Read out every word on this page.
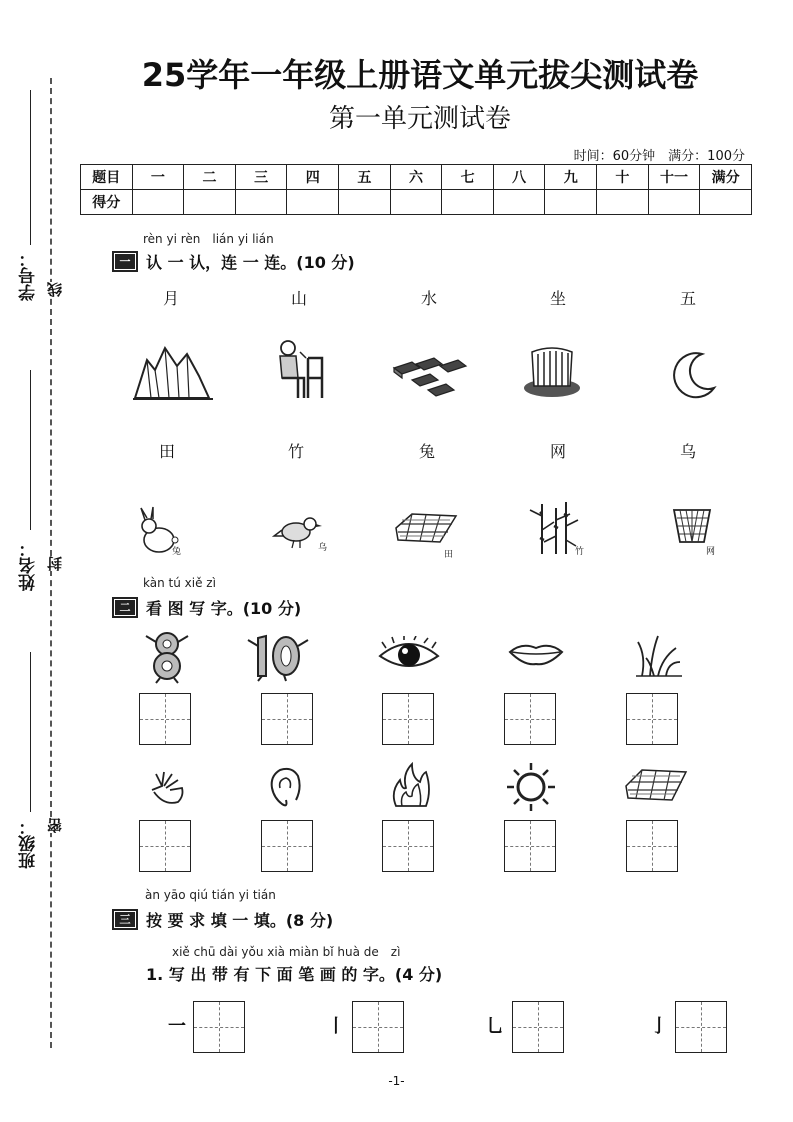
学号： 线
姓名： 封
班级： 密
25学年一年级上册语文单元拔尖测试卷
第一单元测试卷
时间：60分钟　满分：100分
题目	一	二	三	四	五	六	七	八	九	十	十一	满分
得分												
rèn yi rèn　lián yi lián
一 认 一 认，连 一 连。(10 分)
月	山	水	坐	五
田	竹	兔	网	乌
兔	乌
田	竹	网
kàn tú xiě zì
二 看 图 写 字。(10 分)
àn yāo qiú tián yi tián
三 按 要 求 填 一 填。(8 分)
xiě chū dài yǒu xià miàn bǐ huà de　zì
1. 写 出 带 有 下 面 笔 画 的 字。(4 分)
一	丨	乚	亅
-1-
